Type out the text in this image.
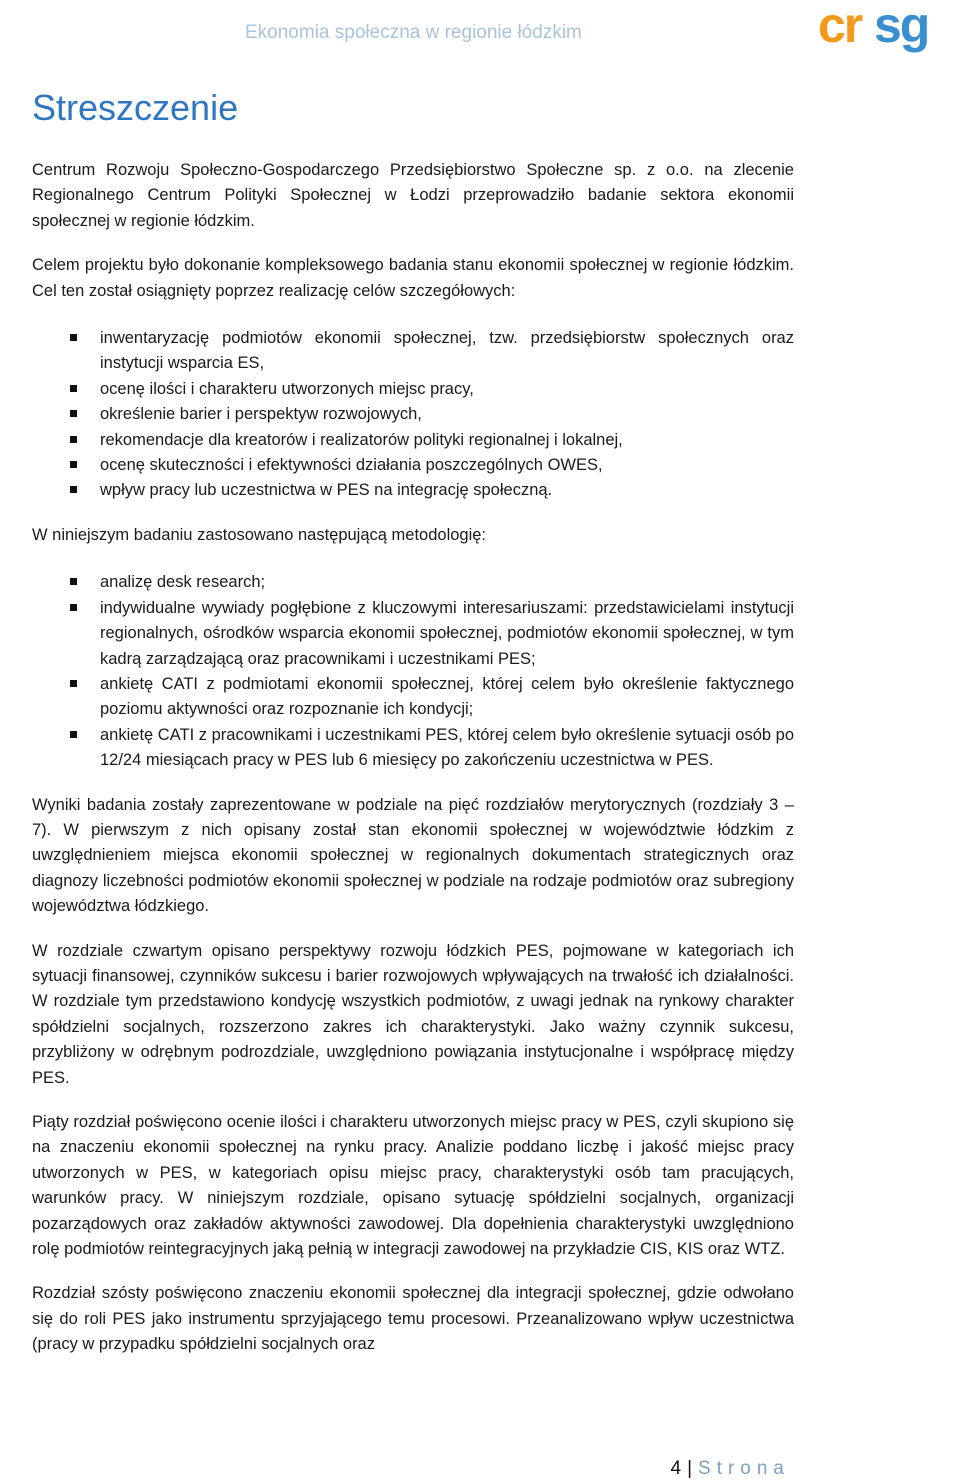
Ekonomia społeczna w regionie łódzkim	cr sg
Streszczenie

Centrum Rozwoju Społeczno-Gospodarczego Przedsiębiorstwo Społeczne sp. z o.o. na zlecenie Regionalnego Centrum Polityki Społecznej w Łodzi przeprowadziło badanie sektora ekonomii społecznej w regionie łódzkim.

Celem projektu było dokonanie kompleksowego badania stanu ekonomii społecznej w regionie łódzkim. Cel ten został osiągnięty poprzez realizację celów szczegółowych:

inwentaryzację podmiotów ekonomii społecznej, tzw. przedsiębiorstw społecznych oraz instytucji wsparcia ES,
ocenę ilości i charakteru utworzonych miejsc pracy,
określenie barier i perspektyw rozwojowych,
rekomendacje dla kreatorów i realizatorów polityki regionalnej i lokalnej,
ocenę skuteczności i efektywności działania poszczególnych OWES,
wpływ pracy lub uczestnictwa w PES na integrację społeczną.

W niniejszym badaniu zastosowano następującą metodologię:

analizę desk research;
indywidualne wywiady pogłębione z kluczowymi interesariuszami: przedstawicielami instytucji regionalnych, ośrodków wsparcia ekonomii społecznej, podmiotów ekonomii społecznej, w tym kadrą zarządzającą oraz pracownikami i uczestnikami PES;
ankietę CATI z podmiotami ekonomii społecznej, której celem było określenie faktycznego poziomu aktywności oraz rozpoznanie ich kondycji;
ankietę CATI z pracownikami i uczestnikami PES, której celem było określenie sytuacji osób po 12/24 miesiącach pracy w PES lub 6 miesięcy po zakończeniu uczestnictwa w PES.

Wyniki badania zostały zaprezentowane w podziale na pięć rozdziałów merytorycznych (rozdziały 3 – 7). W pierwszym z nich opisany został stan ekonomii społecznej w województwie łódzkim z uwzględnieniem miejsca ekonomii społecznej w regionalnych dokumentach strategicznych oraz diagnozy liczebności podmiotów ekonomii społecznej w podziale na rodzaje podmiotów oraz subregiony województwa łódzkiego.

W rozdziale czwartym opisano perspektywy rozwoju łódzkich PES, pojmowane w kategoriach ich sytuacji finansowej, czynników sukcesu i barier rozwojowych wpływających na trwałość ich działalności. W rozdziale tym przedstawiono kondycję wszystkich podmiotów, z uwagi jednak na rynkowy charakter spółdzielni socjalnych, rozszerzono zakres ich charakterystyki. Jako ważny czynnik sukcesu, przybliżony w odrębnym podrozdziale, uwzględniono powiązania instytucjonalne i współpracę między PES.

Piąty rozdział poświęcono ocenie ilości i charakteru utworzonych miejsc pracy w PES, czyli skupiono się na znaczeniu ekonomii społecznej na rynku pracy. Analizie poddano liczbę i jakość miejsc pracy utworzonych w PES, w kategoriach opisu miejsc pracy, charakterystyki osób tam pracujących, warunków pracy. W niniejszym rozdziale, opisano sytuację spółdzielni socjalnych, organizacji pozarządowych oraz zakładów aktywności zawodowej. Dla dopełnienia charakterystyki uwzględniono rolę podmiotów reintegracyjnych jaką pełnią w integracji zawodowej na przykładzie CIS, KIS oraz WTZ.

Rozdział szósty poświęcono znaczeniu ekonomii społecznej dla integracji społecznej, gdzie odwołano się do roli PES jako instrumentu sprzyjającego temu procesowi. Przeanalizowano wpływ uczestnictwa (pracy w przypadku spółdzielni socjalnych oraz

4 | Strona
